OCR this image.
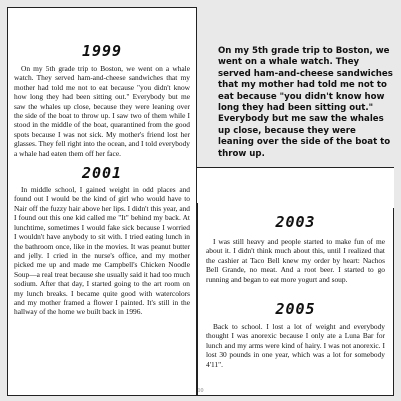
1999

On my 5th grade trip to Boston, we went on a whale watch. They served ham-and-cheese sandwiches that my mother had told me not to eat because "you didn't know how long they had been sitting out." Everybody but me saw the whales up close, because they were leaning over the side of the boat to throw up. I saw two of them while I stood in the middle of the boat, quarantined from the good spots because I was not sick. My mother's friend lost her glasses. They fell right into the ocean, and I told everybody a whale had eaten them off her face.

2001

In middle school, I gained weight in odd places and found out I would be the kind of girl who would have to Nair off the fuzzy hair above her lips. I didn't this year, and I found out this one kid called me "It" behind my back. At lunchtime, sometimes I would fake sick because I worried I wouldn't have anybody to sit with. I tried eating lunch in the bathroom once, like in the movies. It was peanut butter and jelly. I cried in the nurse's office, and my mother picked me up and made me Campbell's Chicken Noodle Soup—a real treat because she usually said it had too much sodium. After that day, I started going to the art room on my lunch breaks. I became quite good with watercolors and my mother framed a flower I painted. It's still in the hallway of the home we built back in 1996.

2003

I was still heavy and people started to make fun of me about it. I didn't think much about this, until I realized that the cashier at Taco Bell knew my order by heart: Nachos Bell Grande, no meat. And a root beer. I started to go running and began to eat more yogurt and soup.

2005

Back to school. I lost a lot of weight and everybody thought I was anorexic because I only ate a Luna Bar for lunch and my arms were kind of hairy. I was not anorexic. I lost 30 pounds in one year, which was a lot for somebody 4'11".

On my 5th grade trip to Boston, we went on a whale watch. They served ham-and-cheese sandwiches that my mother had told me not to eat because "you didn't know how long they had been sitting out." Everybody but me saw the whales up close, because they were leaning over the side of the boat to throw up.

10
